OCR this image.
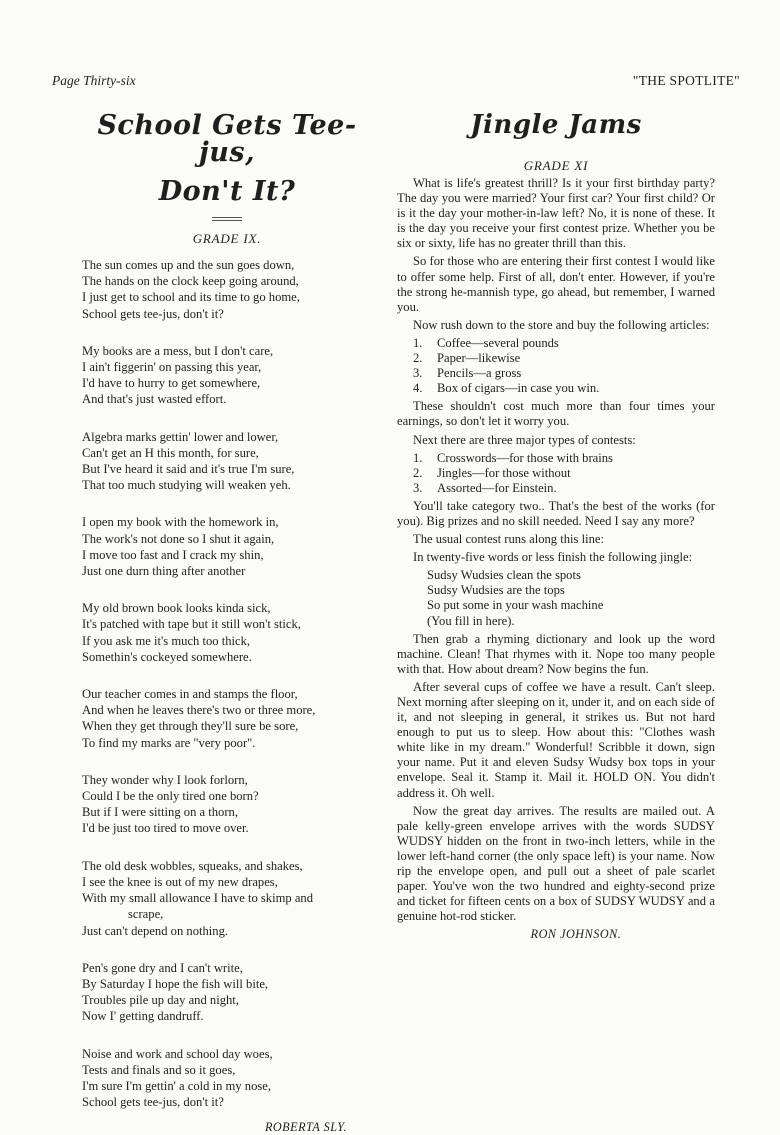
Page Thirty-six	"THE SPOTLITE"
School Gets Tee-jus,
Don't It?
GRADE IX.
The sun comes up and the sun goes down,
The hands on the clock keep going around,
I just get to school and its time to go home,
School gets tee-jus, don't it?
My books are a mess, but I don't care,
I ain't figgerin' on passing this year,
I'd have to hurry to get somewhere,
And that's just wasted effort.
Algebra marks gettin' lower and lower,
Can't get an H this month, for sure,
But I've heard it said and it's true I'm sure,
That too much studying will weaken yeh.
I open my book with the homework in,
The work's not done so I shut it again,
I move too fast and I crack my shin,
Just one durn thing after another
My old brown book looks kinda sick,
It's patched with tape but it still won't stick,
If you ask me it's much too thick,
Somethin's cockeyed somewhere.
Our teacher comes in and stamps the floor,
And when he leaves there's two or three more,
When they get through they'll sure be sore,
To find my marks are "very poor".
They wonder why I look forlorn,
Could I be the only tired one born?
But if I were sitting on a thorn,
I'd be just too tired to move over.
The old desk wobbles, squeaks, and shakes,
I see the knee is out of my new drapes,
With my small allowance I have to skimp and
scrape,
Just can't depend on nothing.
Pen's gone dry and I can't write,
By Saturday I hope the fish will bite,
Troubles pile up day and night,
Now I' getting dandruff.
Noise and work and school day woes,
Tests and finals and so it goes,
I'm sure I'm gettin' a cold in my nose,
School gets tee-jus, don't it?
ROBERTA SLY.
Jingle Jams
GRADE XI

What is life's greatest thrill? Is it your first birthday party? The day you were married? Your first car? Your first child? Or is it the day your mother-in-law left? No, it is none of these. It is the day you receive your first contest prize. Whether you be six or sixty, life has no greater thrill than this.

So for those who are entering their first contest I would like to offer some help. First of all, don't enter. However, if you're the strong he-mannish type, go ahead, but remember, I warned you.

Now rush down to the store and buy the following articles:

1.	Coffee—several pounds
2.	Paper—likewise
3.	Pencils—a gross
4.	Box of cigars—in case you win.

These shouldn't cost much more than four times your earnings, so don't let it worry you.

Next there are three major types of contests:

1.	Crosswords—for those with brains
2.	Jingles—for those without
3.	Assorted—for Einstein.

You'll take category two.. That's the best of the works (for you). Big prizes and no skill needed. Need I say any more?

The usual contest runs along this line:

In twenty-five words or less finish the following jingle:

Sudsy Wudsies clean the spots
Sudsy Wudsies are the tops
So put some in your wash machine
(You fill in here).

Then grab a rhyming dictionary and look up the word machine. Clean! That rhymes with it. Nope too many people with that. How about dream? Now begins the fun.

After several cups of coffee we have a result. Can't sleep. Next morning after sleeping on it, under it, and on each side of it, and not sleeping in general, it strikes us. But not hard enough to put us to sleep. How about this: "Clothes wash white like in my dream." Wonderful! Scribble it down, sign your name. Put it and eleven Sudsy Wudsy box tops in your envelope. Seal it. Stamp it. Mail it. HOLD ON. You didn't address it. Oh well.

Now the great day arrives. The results are mailed out. A pale kelly-green envelope arrives with the words SUDSY WUDSY hidden on the front in two-inch letters, while in the lower left-hand corner (the only space left) is your name. Now rip the envelope open, and pull out a sheet of pale scarlet paper. You've won the two hundred and eighty-second prize and ticket for fifteen cents on a box of SUDSY WUDSY and a genuine hot-rod sticker.

RON JOHNSON.
